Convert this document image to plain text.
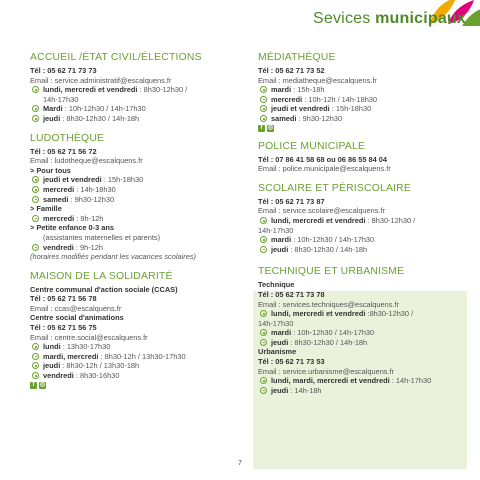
Sevices municipaux
ACCUEIL /ÉTAT CIVIL/ÉLECTIONS
Tél : 05 62 71 73 73
Email : service.administratif@escalquens.fr
lundi, mercredi et vendredi : 8h30-12h30 /
14h-17h30
Mardi : 10h-12h30 / 14h-17h30
jeudi : 8h30-12h30 / 14h-18h
LUDOTHÈQUE
Tél : 05 62 71 56 72
Email : ludotheque@escalquens.fr
> Pour tous
jeudi et vendredi : 15h-18h30
mercredi : 14h-18h30
samedi : 9h30-12h30
> Famille
mercredi : 9h-12h
> Petite enfance 0-3 ans
(assistantes maternelles et parents)
vendredi : 9h-12h
(horaires modifiés pendant les vacances scolaires)
MAISON DE LA SOLIDARITÉ
Centre communal d'action sociale (CCAS)
Tél : 05 62 71 56 78
Email : ccas@escalquens.fr
Centre social d'animations
Tél : 05 62 71 56 75
Email : centre.social@escalquens.fr
lundi : 13h30-17h30
mardi, mercredi : 8h30-12h / 13h30-17h30
jeudi : 8h30-12h / 13h30-18h
vendredi : 8h30-16h30
f ◎
MÉDIATHÈQUE
Tél : 05 62 71 73 52
Email : mediatheque@escalquens.fr
mardi : 15h-18h
mercredi : 10h-12h / 14h-18h30
jeudi et vendredi : 15h-18h30
samedi : 9h30-12h30
f ◎
POLICE MUNICIPALE
Tél : 07 86 41 58 68 ou 06 86 55 84 04
Email : police.municipale@escalquens.fr
SCOLAIRE ET PÉRISCOLAIRE
Tél : 05 62 71 73 87
Email : service.scolaire@escalquens.fr
lundi, mercredi et vendredi : 8h30-12h30 /
14h-17h30
mardi : 10h-12h30 / 14h-17h30
jeudi : 8h30-12h30 / 14h-18h
TECHNIQUE ET URBANISME
Technique
Tél : 05 62 71 73 78
Email : services.techniques@escalquens.fr
lundi, mercredi et vendredi :8h30-12h30 /
14h-17h30
mardi : 10h-12h30 / 14h-17h30
jeudi : 8h30-12h30 / 14h-18h
Urbanisme
Tél : 05 62 71 73 53
Email : service.urbanisme@escalquens.fr
lundi, mardi, mercredi et vendredi : 14h-17h30
jeudi : 14h-18h
7
